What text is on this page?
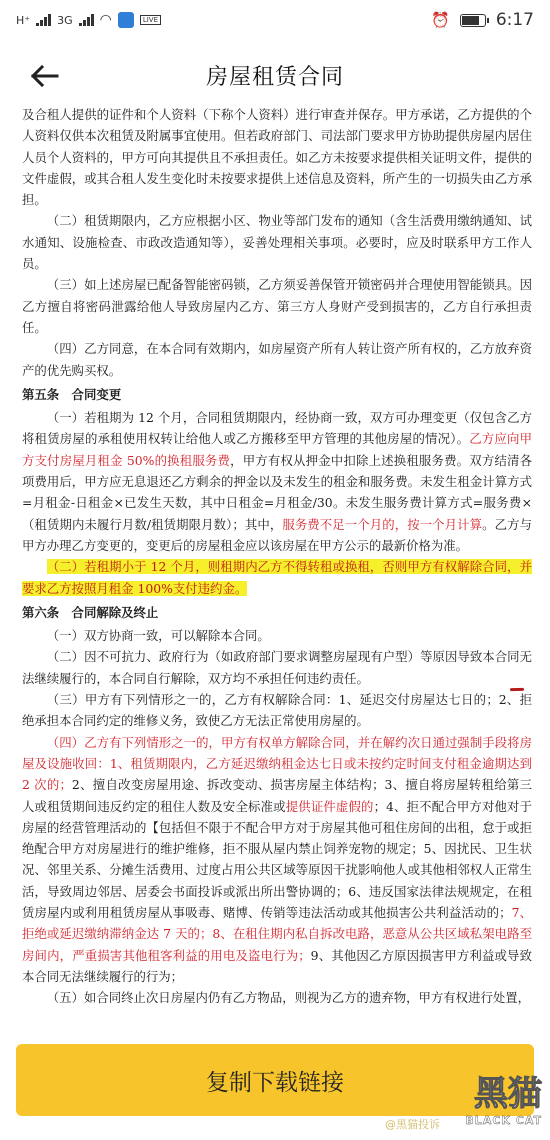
H⁺ 3G ◠	LIVE	⏰	6:17
房屋租赁合同

及合租人提供的证件和个人资料（下称个人资料）进行审查并保存。甲方承诺，乙方提供的个人资料仅供本次租赁及附属事宜使用。但若政府部门、司法部门要求甲方协助提供房屋内居住人员个人资料的，甲方可向其提供且不承担责任。如乙方未按要求提供相关证明文件，提供的文件虚假，或其合租人发生变化时未按要求提供上述信息及资料，所产生的一切损失由乙方承担。

（二）租赁期限内，乙方应根据小区、物业等部门发布的通知（含生活费用缴纳通知、试水通知、设施检查、市政改造通知等），妥善处理相关事项。必要时，应及时联系甲方工作人员。

（三）如上述房屋已配备智能密码锁，乙方须妥善保管开锁密码并合理使用智能锁具。因乙方擅自将密码泄露给他人导致房屋内乙方、第三方人身财产受到损害的，乙方自行承担责任。

（四）乙方同意，在本合同有效期内，如房屋资产所有人转让资产所有权的，乙方放弃资产的优先购买权。

第五条　合同变更

（一）若租期为 12 个月，合同租赁期限内，经协商一致，双方可办理变更（仅包含乙方将租赁房屋的承租使用权转让给他人或乙方搬移至甲方管理的其他房屋的情况）。乙方应向甲方支付房屋月租金 50%的换租服务费，甲方有权从押金中扣除上述换租服务费。双方结清各项费用后，甲方应无息退还乙方剩余的押金以及未发生的租金和服务费。未发生租金计算方式=月租金-日租金×已发生天数，其中日租金=月租金/30。未发生服务费计算方式=服务费×（租赁期内未履行月数/租赁期限月数）；其中，服务费不足一个月的，按一个月计算。乙方与甲方办理乙方变更的，变更后的房屋租金应以该房屋在甲方公示的最新价格为准。

（二）若租期小于 12 个月，则租期内乙方不得转租或换租，否则甲方有权解除合同，并要求乙方按照月租金 100%支付违约金。

第六条　合同解除及终止

（一）双方协商一致，可以解除本合同。

（二）因不可抗力、政府行为（如政府部门要求调整房屋现有户型）等原因导致本合同无法继续履行的，本合同自行解除，双方均不承担任何违约责任。

（三）甲方有下列情形之一的，乙方有权解除合同：1、延迟交付房屋达七日的；2、拒绝承担本合同约定的维修义务，致使乙方无法正常使用房屋的。

（四）乙方有下列情形之一的，甲方有权单方解除合同，并在解约次日通过强制手段将房屋及设施收回：1、租赁期限内，乙方延迟缴纳租金达七日或未按约定时间支付租金逾期达到 2 次的；2、擅自改变房屋用途、拆改变动、损害房屋主体结构；3、擅自将房屋转租给第三人或租赁期间违反约定的租住人数及安全标准或提供证件虚假的；4、拒不配合甲方对他对于房屋的经营管理活动的【包括但不限于不配合甲方对于房屋其他可租住房间的出租，怠于或拒绝配合甲方对房屋进行的维护维修，拒不服从屋内禁止饲养宠物的规定；5、因扰民、卫生状况、邻里关系、分摊生活费用、过度占用公共区域等原因干扰影响他人或其他相邻权人正常生活，导致周边邻居、居委会书面投诉或派出所出警协调的；6、违反国家法律法规规定，在租赁房屋内或利用租赁房屋从事吸毒、赌博、传销等违法活动或其他损害公共利益活动的；7、拒绝或延迟缴纳滞纳金达 7 天的；8、在租住期内私自拆改电路，恶意从公共区域私架电路至房间内，严重损害其他租客利益的用电及盗电行为；9、其他因乙方原因损害甲方利益或导致本合同无法继续履行的行为；

（五）如合同终止次日房屋内仍有乙方物品，则视为乙方的遗弃物，甲方有权进行处置，

复制下载链接
@黑猫投诉
黑猫
BLACK CAT
